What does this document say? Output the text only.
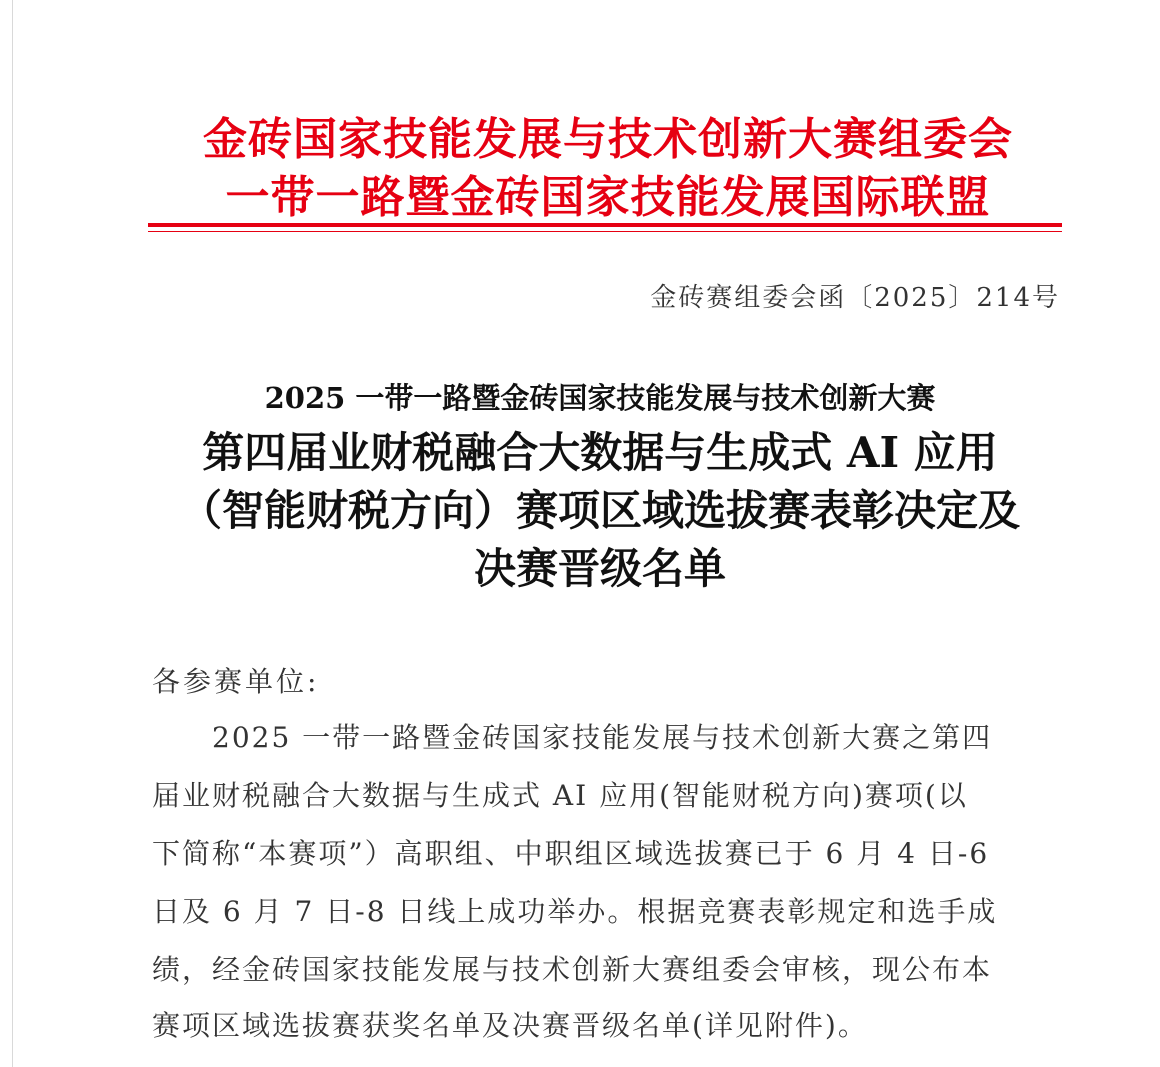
金砖国家技能发展与技术创新大赛组委会
一带一路暨金砖国家技能发展国际联盟
金砖赛组委会函〔2025〕214号
2025 一带一路暨金砖国家技能发展与技术创新大赛
第四届业财税融合大数据与生成式 AI 应用
（智能财税方向）赛项区域选拔赛表彰决定及
决赛晋级名单
各参赛单位:
2025 一带一路暨金砖国家技能发展与技术创新大赛之第四
届业财税融合大数据与生成式 AI 应用(智能财税方向)赛项(以
下简称“本赛项”）高职组、中职组区域选拔赛已于 6 月 4 日-6
日及 6 月 7 日-8 日线上成功举办。根据竞赛表彰规定和选手成
绩，经金砖国家技能发展与技术创新大赛组委会审核，现公布本
赛项区域选拔赛获奖名单及决赛晋级名单(详见附件)。
